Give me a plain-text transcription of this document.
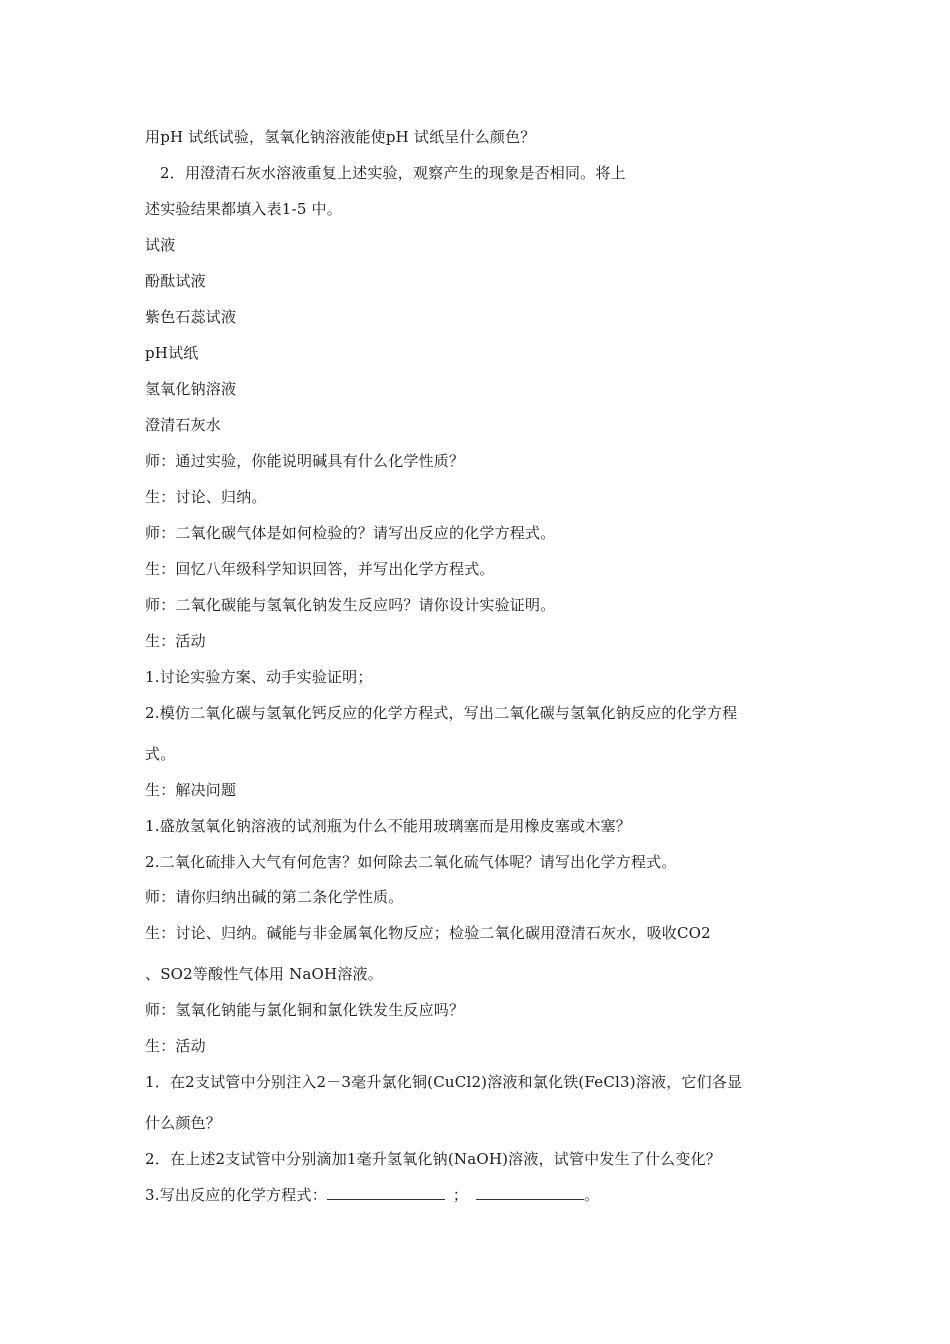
用pH 试纸试验，氢氧化钠溶液能使pH 试纸呈什么颜色？
2．用澄清石灰水溶液重复上述实验，观察产生的现象是否相同。将上
述实验结果都填入表1-5 中。
试液
酚酞试液
紫色石蕊试液
pH试纸
氢氧化钠溶液
澄清石灰水
师：通过实验，你能说明碱具有什么化学性质？
生：讨论、归纳。
师：二氧化碳气体是如何检验的？请写出反应的化学方程式。
生：回忆八年级科学知识回答，并写出化学方程式。
师：二氧化碳能与氢氧化钠发生反应吗？请你设计实验证明。
生：活动
1.讨论实验方案、动手实验证明；
2.模仿二氧化碳与氢氧化钙反应的化学方程式，写出二氧化碳与氢氧化钠反应的化学方程
式。
生：解决问题
1.盛放氢氧化钠溶液的试剂瓶为什么不能用玻璃塞而是用橡皮塞或木塞？
2.二氧化硫排入大气有何危害？如何除去二氧化硫气体呢？请写出化学方程式。
师：请你归纳出碱的第二条化学性质。
生：讨论、归纳。碱能与非金属氧化物反应；检验二氧化碳用澄清石灰水，吸收CO2
、SO2等酸性气体用 NaOH溶液。
师：氢氧化钠能与氯化铜和氯化铁发生反应吗？
生：活动
1．在2支试管中分别注入2－3毫升氯化铜(CuCl2)溶液和氯化铁(FeCl3)溶液，它们各显
什么颜色？
2．在上述2支试管中分别滴加1毫升氢氧化钠(NaOH)溶液，试管中发生了什么变化？
3.写出反应的化学方程式：	；	。
